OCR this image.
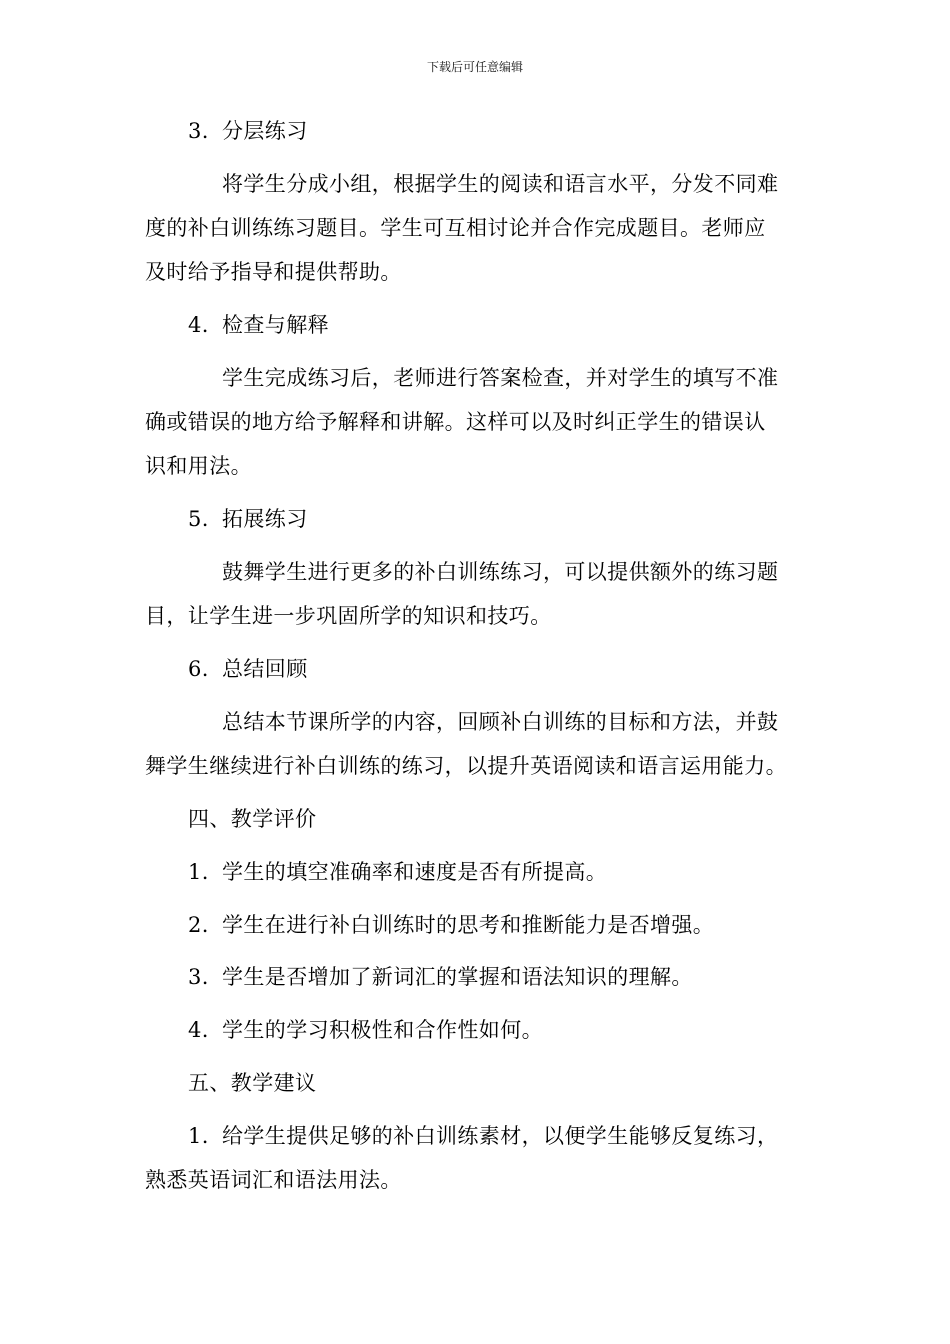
下载后可任意编辑
3. 分层练习
将学生分成小组，根据学生的阅读和语言水平，分发不同难
度的补白训练练习题目。学生可互相讨论并合作完成题目。老师应
及时给予指导和提供帮助。
4. 检查与解释
学生完成练习后，老师进行答案检查，并对学生的填写不准
确或错误的地方给予解释和讲解。这样可以及时纠正学生的错误认
识和用法。
5. 拓展练习
鼓舞学生进行更多的补白训练练习，可以提供额外的练习题
目，让学生进一步巩固所学的知识和技巧。
6. 总结回顾
总结本节课所学的内容，回顾补白训练的目标和方法，并鼓
舞学生继续进行补白训练的练习，以提升英语阅读和语言运用能力。
四、教学评价
1. 学生的填空准确率和速度是否有所提高。
2. 学生在进行补白训练时的思考和推断能力是否增强。
3. 学生是否增加了新词汇的掌握和语法知识的理解。
4. 学生的学习积极性和合作性如何。
五、教学建议
1. 给学生提供足够的补白训练素材，以便学生能够反复练习，
熟悉英语词汇和语法用法。
